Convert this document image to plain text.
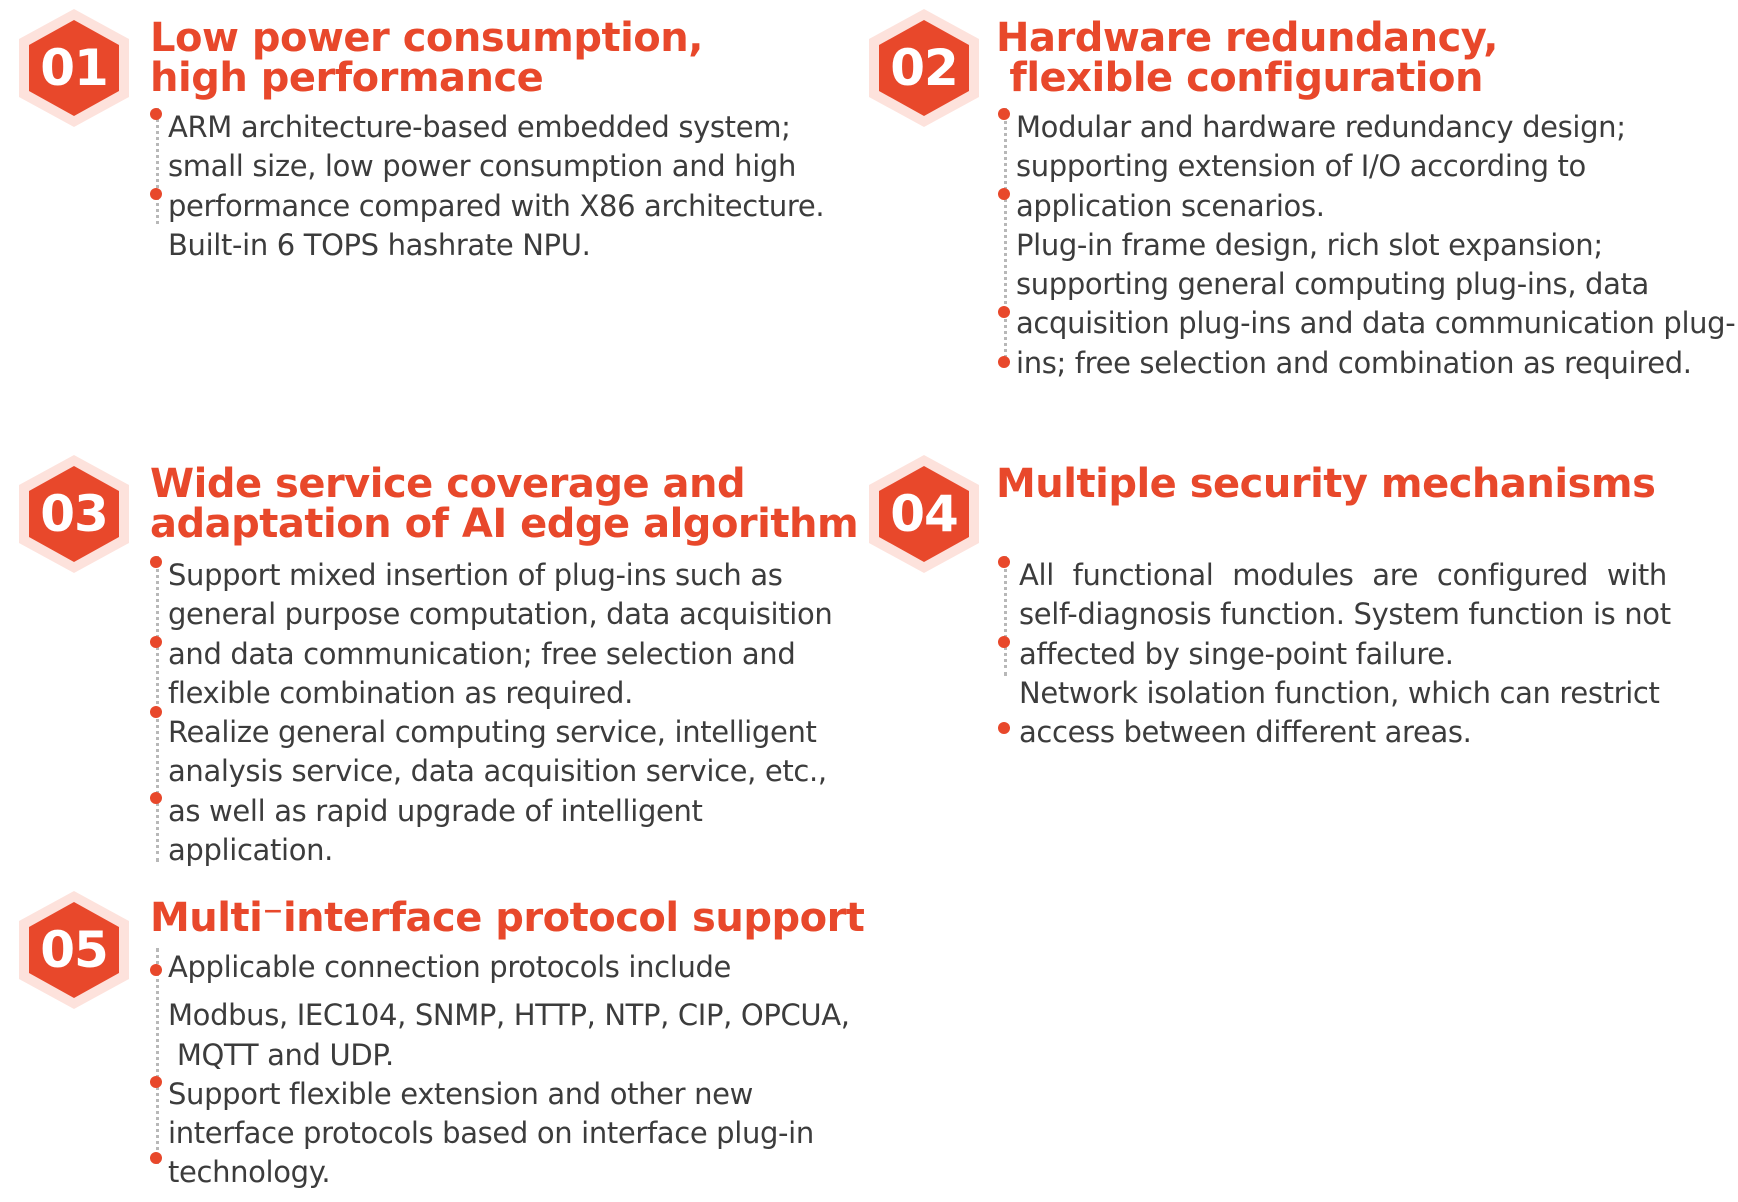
01
Low power consumption,
high performance
ARM architecture-based embedded system;
small size, low power consumption and high
performance compared with X86 architecture.
Built-in 6 TOPS hashrate NPU.
02
Hardware redundancy,
flexible configuration
Modular and hardware redundancy design;
supporting extension of I/O according to
application scenarios.
Plug-in frame design, rich slot expansion;
supporting general computing plug-ins, data
acquisition plug-ins and data communication plug-
ins; free selection and combination as required.
03
Wide service coverage and
adaptation of AI edge algorithm
Support mixed insertion of plug-ins such as
general purpose computation, data acquisition
and data communication; free selection and
flexible combination as required.
Realize general computing service, intelligent
analysis service, data acquisition service, etc.,
as well as rapid upgrade of intelligent
application.
04
Multiple security mechanisms
All functional modules are configured with
self-diagnosis function. System function is not
affected by singe-point failure.
Network isolation function, which can restrict
access between different areas.
05
Multi⁻interface protocol support
Applicable connection protocols include
Modbus, IEC104, SNMP, HTTP, NTP, CIP, OPCUA,
MQTT and UDP.
Support flexible extension and other new
interface protocols based on interface plug-in
technology.
